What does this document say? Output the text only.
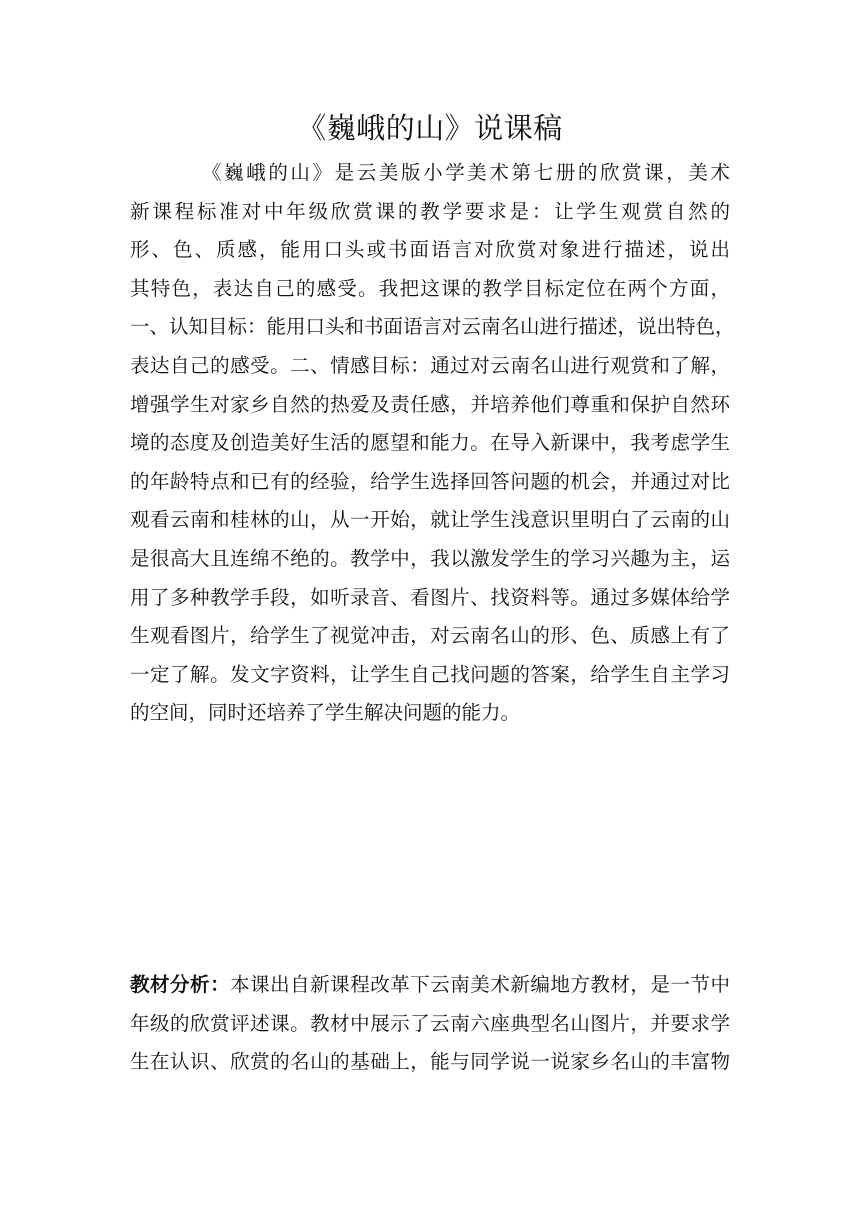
《巍峨的山》说课稿
《巍峨的山》是云美版小学美术第七册的欣赏课，美术
新课程标准对中年级欣赏课的教学要求是：让学生观赏自然的
形、色、质感，能用口头或书面语言对欣赏对象进行描述，说出
其特色，表达自己的感受。我把这课的教学目标定位在两个方面，
一、认知目标：能用口头和书面语言对云南名山进行描述，说出特色，
表达自己的感受。二、情感目标：通过对云南名山进行观赏和了解，
增强学生对家乡自然的热爱及责任感，并培养他们尊重和保护自然环
境的态度及创造美好生活的愿望和能力。在导入新课中，我考虑学生
的年龄特点和已有的经验，给学生选择回答问题的机会，并通过对比
观看云南和桂林的山，从一开始，就让学生浅意识里明白了云南的山
是很高大且连绵不绝的。教学中，我以激发学生的学习兴趣为主，运
用了多种教学手段，如听录音、看图片、找资料等。通过多媒体给学
生观看图片，给学生了视觉冲击，对云南名山的形、色、质感上有了
一定了解。发文字资料，让学生自己找问题的答案，给学生自主学习
的空间，同时还培养了学生解决问题的能力。
教材分析：本课出自新课程改革下云南美术新编地方教材，是一节中
年级的欣赏评述课。教材中展示了云南六座典型名山图片，并要求学
生在认识、欣赏的名山的基础上，能与同学说一说家乡名山的丰富物
